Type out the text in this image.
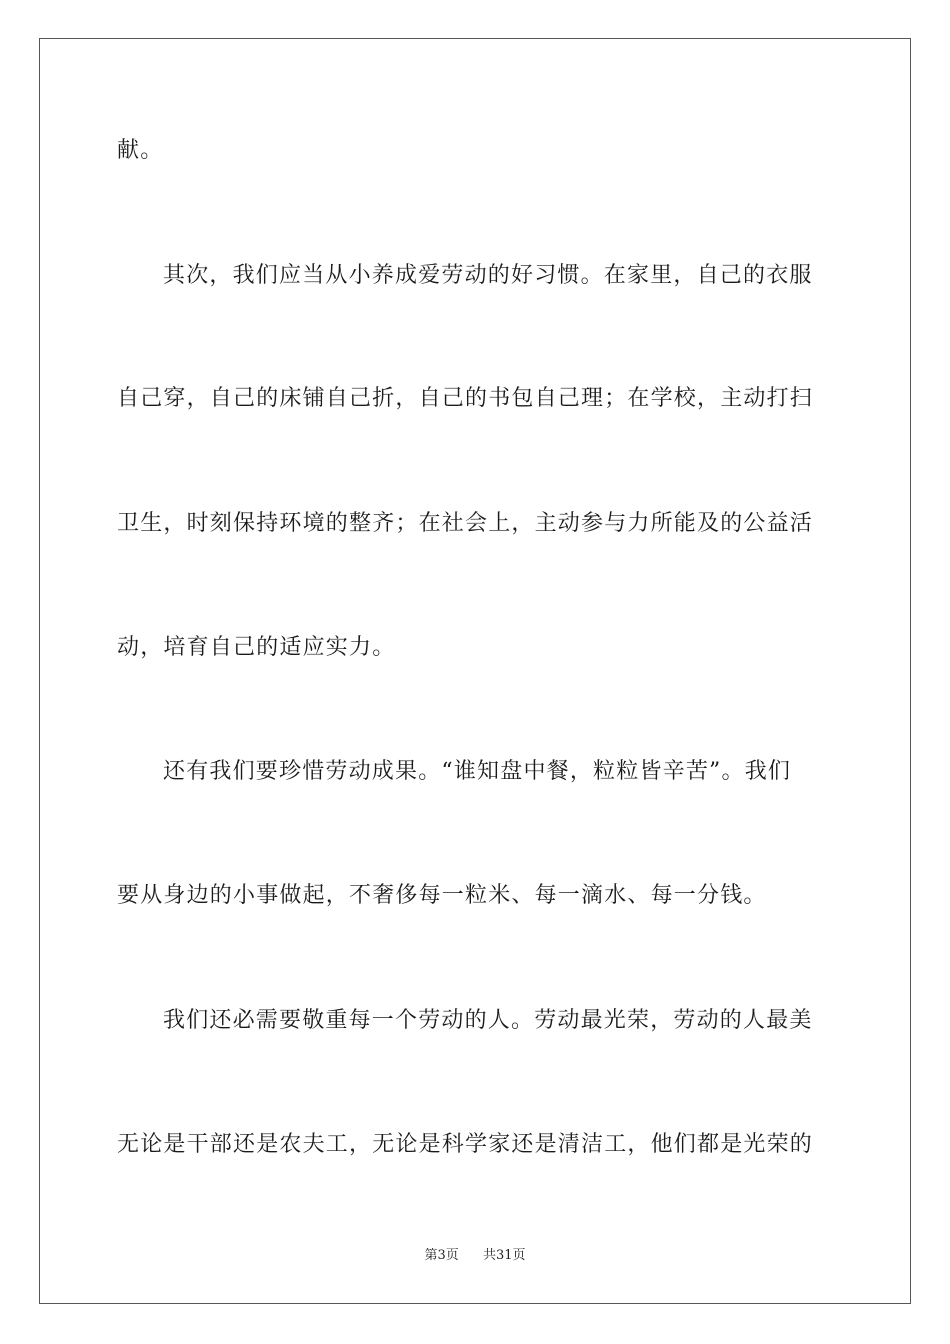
献。
其次，我们应当从小养成爱劳动的好习惯。在家里，自己的衣服
自己穿，自己的床铺自己折，自己的书包自己理；在学校，主动打扫
卫生，时刻保持环境的整齐；在社会上，主动参与力所能及的公益活
动，培育自己的适应实力。
还有我们要珍惜劳动成果。“谁知盘中餐，粒粒皆辛苦”。我们
要从身边的小事做起，不奢侈每一粒米、每一滴水、每一分钱。
我们还必需要敬重每一个劳动的人。劳动最光荣，劳动的人最美
无论是干部还是农夫工，无论是科学家还是清洁工，他们都是光荣的
第3页 共31页
